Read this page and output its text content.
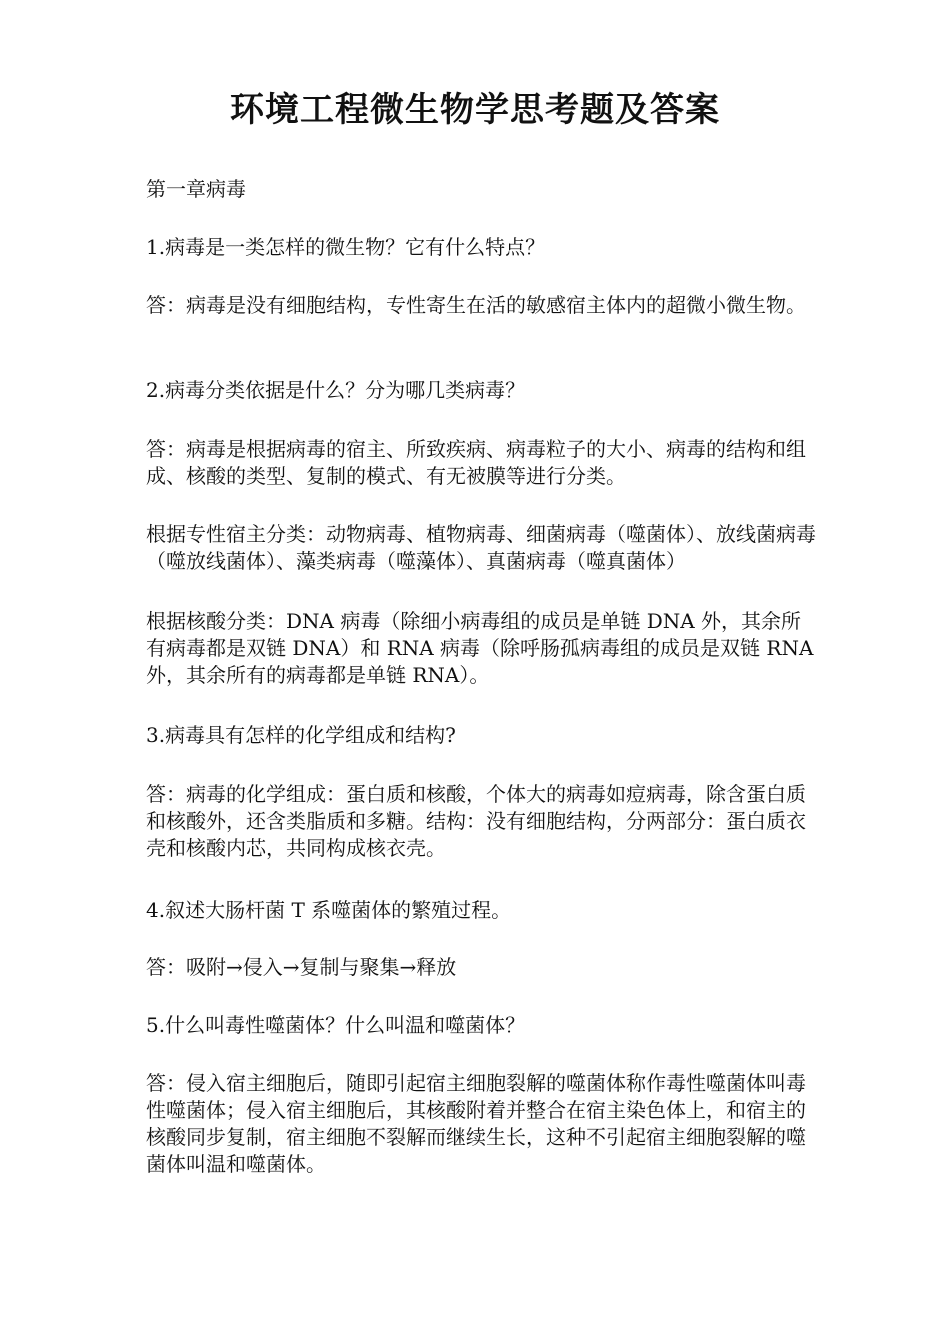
环境工程微生物学思考题及答案

第一章病毒

1.病毒是一类怎样的微生物？它有什么特点？

答：病毒是没有细胞结构，专性寄生在活的敏感宿主体内的超微小微生物。

2.病毒分类依据是什么？分为哪几类病毒？

答：病毒是根据病毒的宿主、所致疾病、病毒粒子的大小、病毒的结构和组成、核酸的类型、复制的模式、有无被膜等进行分类。

根据专性宿主分类：动物病毒、植物病毒、细菌病毒（噬菌体）、放线菌病毒（噬放线菌体）、藻类病毒（噬藻体）、真菌病毒（噬真菌体）

根据核酸分类：DNA 病毒（除细小病毒组的成员是单链 DNA 外，其余所有病毒都是双链 DNA）和 RNA 病毒（除呼肠孤病毒组的成员是双链 RNA 外，其余所有的病毒都是单链 RNA）。

3.病毒具有怎样的化学组成和结构?

答：病毒的化学组成：蛋白质和核酸，个体大的病毒如痘病毒，除含蛋白质和核酸外，还含类脂质和多糖。结构：没有细胞结构，分两部分：蛋白质衣壳和核酸内芯，共同构成核衣壳。

4.叙述大肠杆菌 T 系噬菌体的繁殖过程。

答：吸附→侵入→复制与聚集→释放

5.什么叫毒性噬菌体？什么叫温和噬菌体？

答：侵入宿主细胞后，随即引起宿主细胞裂解的噬菌体称作毒性噬菌体叫毒性噬菌体；侵入宿主细胞后，其核酸附着并整合在宿主染色体上，和宿主的核酸同步复制，宿主细胞不裂解而继续生长，这种不引起宿主细胞裂解的噬菌体叫温和噬菌体。
